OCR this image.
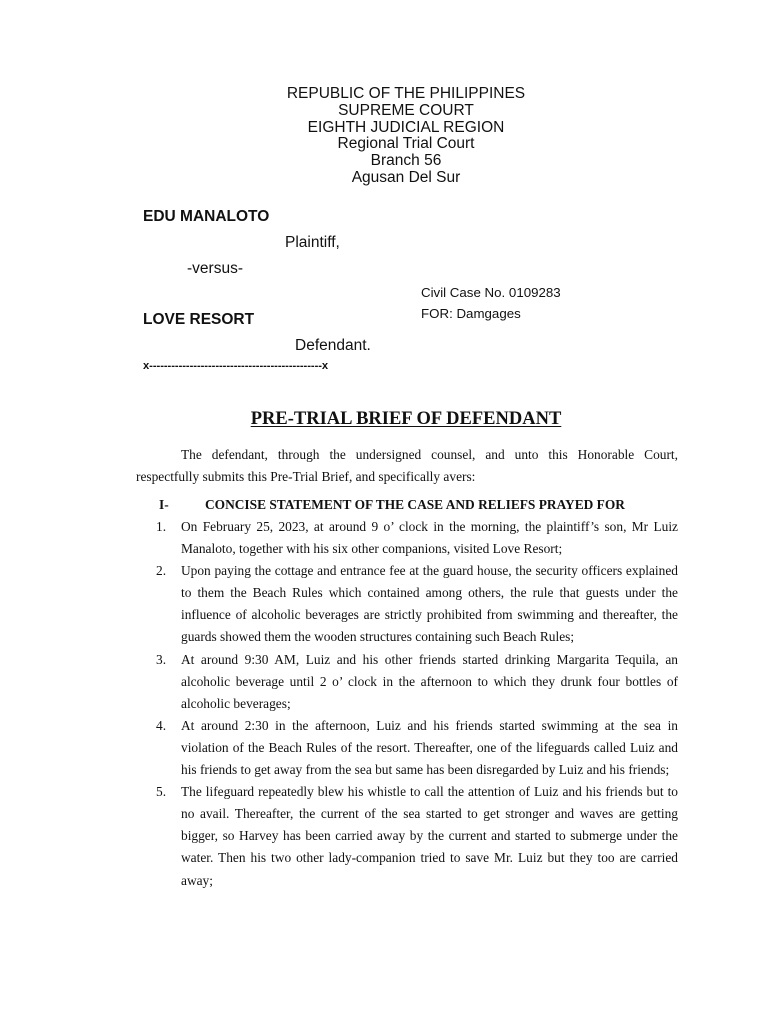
REPUBLIC OF THE PHILIPPINES
SUPREME COURT
EIGHTH JUDICIAL REGION
Regional Trial Court
Branch 56
Agusan Del Sur
EDU MANALOTO
Plaintiff,
-versus-
Civil Case No. 0109283
FOR: Damgages
LOVE RESORT
Defendant.
x-----------------------------------------------x
PRE-TRIAL BRIEF OF DEFENDANT
The defendant, through the undersigned counsel, and unto this Honorable Court, respectfully submits this Pre-Trial Brief, and specifically avers:
I-	CONCISE STATEMENT OF THE CASE AND RELIEFS PRAYED FOR
1. On February 25, 2023, at around 9 o’ clock in the morning, the plaintiff’s son, Mr Luiz Manaloto, together with his six other companions, visited Love Resort;
2. Upon paying the cottage and entrance fee at the guard house, the security officers explained to them the Beach Rules which contained among others, the rule that guests under the influence of alcoholic beverages are strictly prohibited from swimming and thereafter, the guards showed them the wooden structures containing such Beach Rules;
3. At around 9:30 AM, Luiz and his other friends started drinking Margarita Tequila, an alcoholic beverage until 2 o’ clock in the afternoon to which they drunk four bottles of alcoholic beverages;
4. At around 2:30 in the afternoon, Luiz and his friends started swimming at the sea in violation of the Beach Rules of the resort. Thereafter, one of the lifeguards called Luiz and his friends to get away from the sea but same has been disregarded by Luiz and his friends;
5. The lifeguard repeatedly blew his whistle to call the attention of Luiz and his friends but to no avail. Thereafter, the current of the sea started to get stronger and waves are getting bigger, so Harvey has been carried away by the current and started to submerge under the water. Then his two other lady-companion tried to save Mr. Luiz but they too are carried away;
